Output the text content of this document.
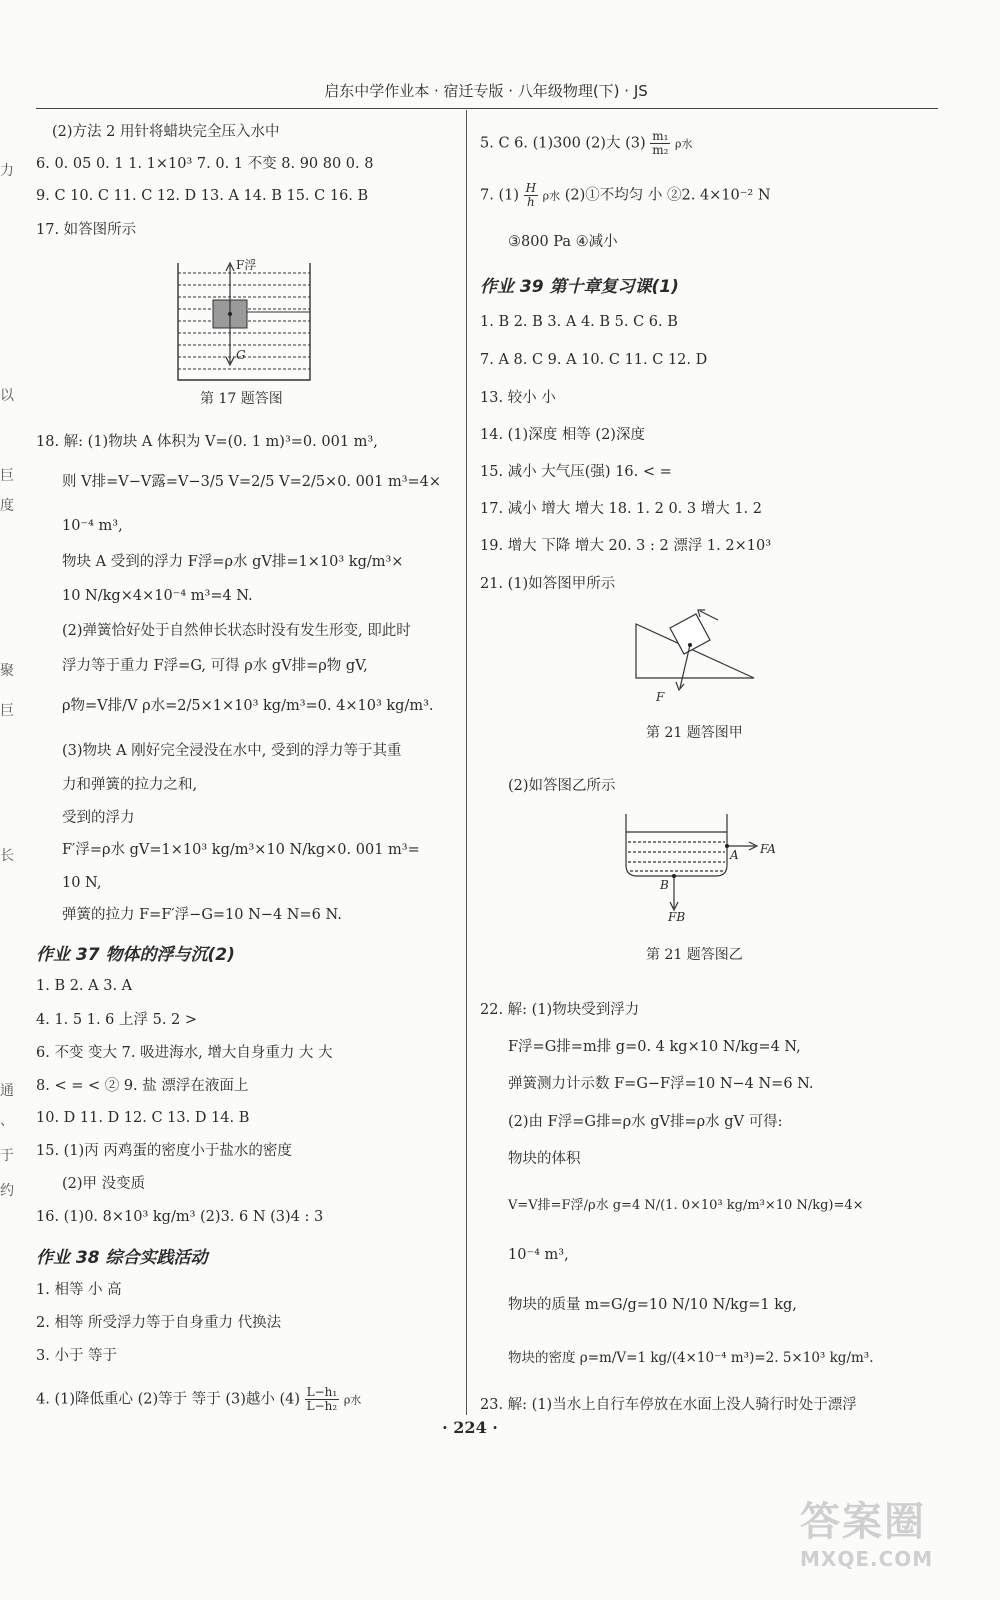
启东中学作业本 · 宿迁专版 · 八年级物理(下) · JS
力
以
巨
度
聚
巨
长
通
、
于
约
(2)方法 2 用针将蜡块完全压入水中
6. 0. 05 0. 1 1. 1×10³ 7. 0. 1 不变 8. 90 80 0. 8
9. C 10. C 11. C 12. D 13. A 14. B 15. C 16. B
17. 如答图所示
F浮
G
第 17 题答图
18. 解: (1)物块 A 体积为 V=(0. 1 m)³=0. 001 m³,
则 V排=V−V露=V−3/5 V=2/5 V=2/5×0. 001 m³=4×
10⁻⁴ m³,
物块 A 受到的浮力 F浮=ρ水 gV排=1×10³ kg/m³×
10 N/kg×4×10⁻⁴ m³=4 N.
(2)弹簧恰好处于自然伸长状态时没有发生形变, 即此时
浮力等于重力 F浮=G, 可得 ρ水 gV排=ρ物 gV,
ρ物=V排/V ρ水=2/5×1×10³ kg/m³=0. 4×10³ kg/m³.
(3)物块 A 刚好完全浸没在水中, 受到的浮力等于其重
力和弹簧的拉力之和,
受到的浮力
F′浮=ρ水 gV=1×10³ kg/m³×10 N/kg×0. 001 m³=
10 N,
弹簧的拉力 F=F′浮−G=10 N−4 N=6 N.
作业 37 物体的浮与沉(2)
1. B 2. A 3. A
4. 1. 5 1. 6 上浮 5. 2 >
6. 不变 变大 7. 吸进海水, 增大自身重力 大 大
8. < = < ② 9. 盐 漂浮在液面上
10. D 11. D 12. C 13. D 14. B
15. (1)丙 丙鸡蛋的密度小于盐水的密度
(2)甲 没变质
16. (1)0. 8×10³ kg/m³ (2)3. 6 N (3)4 : 3
作业 38 综合实践活动
1. 相等 小 高
2. 相等 所受浮力等于自身重力 代换法
3. 小于 等于
4. (1)降低重心 (2)等于 等于 (3)越小 $(4) \frac{\text{L−h₁}}{\text{L−h₂}}$ ρ水
5. C 6. (1)300 (2)大 $(3) \frac{\text{m₁}}{\text{m₂}}$ ρ水
7. $(1) \frac{H}{h}$ ρ水 (2)①不均匀 小 ②2. 4×10⁻² N
③800 Pa ④减小
作业 39 第十章复习课(1)
1. B 2. B 3. A 4. B 5. C 6. B
7. A 8. C 9. A 10. C 11. C 12. D
13. 较小 小
14. (1)深度 相等 (2)深度
15. 减小 大气压(强) 16. < =
17. 减小 增大 增大 18. 1. 2 0. 3 增大 1. 2
19. 增大 下降 增大 20. 3 : 2 漂浮 1. 2×10³
21. (1)如答图甲所示
F
第 21 题答图甲
(2)如答图乙所示
A FA
B
FB
第 21 题答图乙
22. 解: (1)物块受到浮力
F浮=G排=m排 g=0. 4 kg×10 N/kg=4 N,
弹簧测力计示数 F=G−F浮=10 N−4 N=6 N.
(2)由 F浮=G排=ρ水 gV排=ρ水 gV 可得:
物块的体积
V=V排=F浮/ρ水 g=4 N/(1. 0×10³ kg/m³×10 N/kg)=4×
10⁻⁴ m³,
物块的质量 m=G/g=10 N/10 N/kg=1 kg,
物块的密度 ρ=m/V=1 kg/(4×10⁻⁴ m³)=2. 5×10³ kg/m³.
23. 解: (1)当水上自行车停放在水面上没人骑行时处于漂浮
· 224 ·
答案圈
MXQE.COM
